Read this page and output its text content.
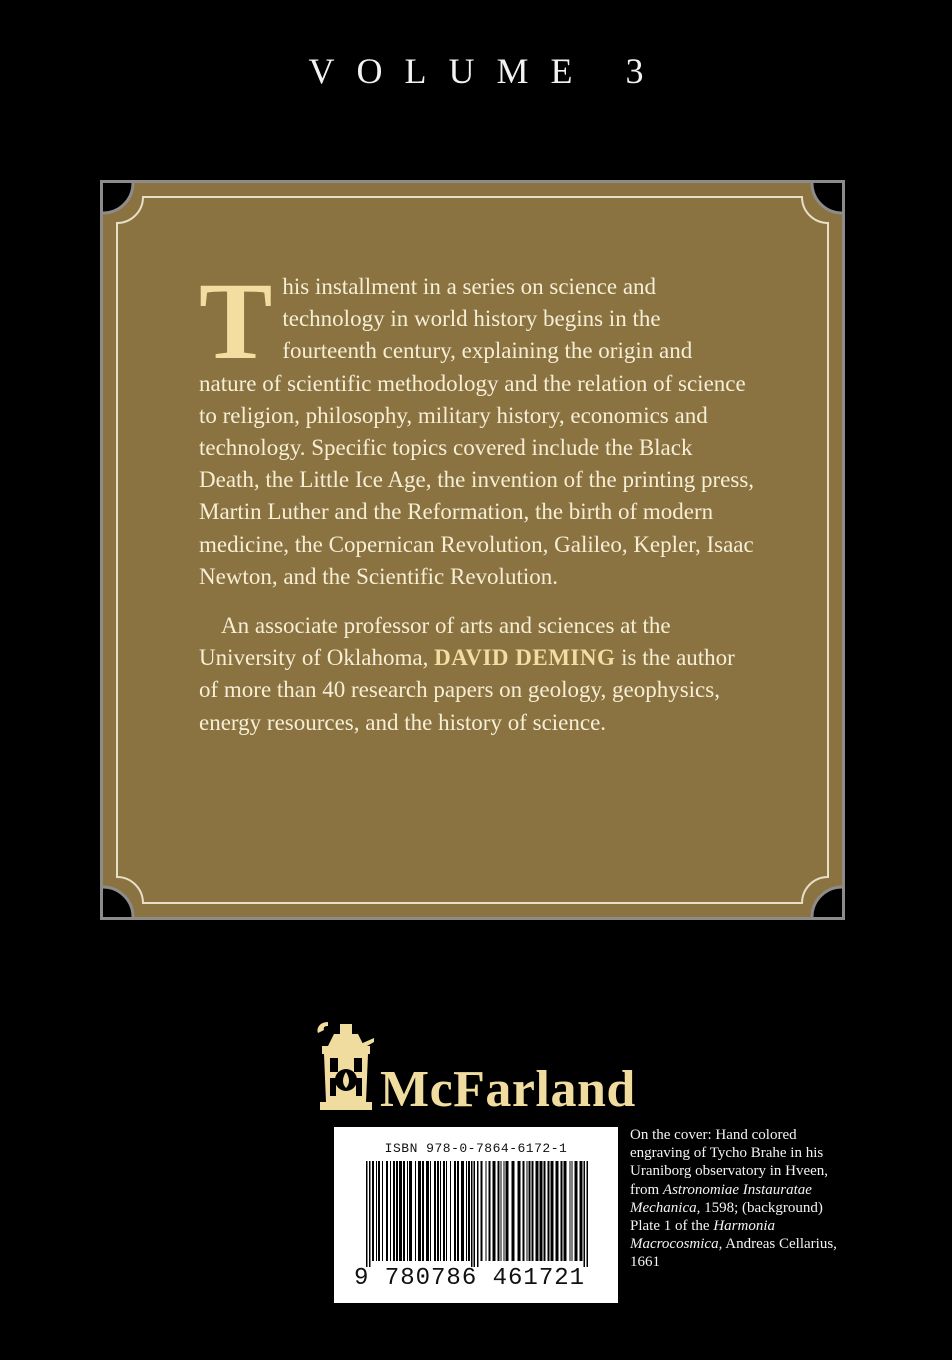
VOLUME 3

This installment in a series on science and technology in world history begins in the fourteenth century, explaining the origin and nature of scientific methodology and the relation of science to religion, philosophy, military history, economics and technology. Specific topics covered include the Black Death, the Little Ice Age, the invention of the printing press, Martin Luther and the Reformation, the birth of modern medicine, the Copernican Revolution, Galileo, Kepler, Isaac Newton, and the Scientific Revolution.

An associate professor of arts and sciences at the University of Oklahoma, DAVID DEMING is the author of more than 40 research papers on geology, geophysics, energy resources, and the history of science.

McFarland
ISBN 978-0-7864-6172-1
9 780786 461721
On the cover: Hand colored engraving of Tycho Brahe in his Uraniborg observatory in Hveen, from Astronomiae Instauratae Mechanica, 1598; (background) Plate 1 of the Harmonia Macrocosmica, Andreas Cellarius, 1661
